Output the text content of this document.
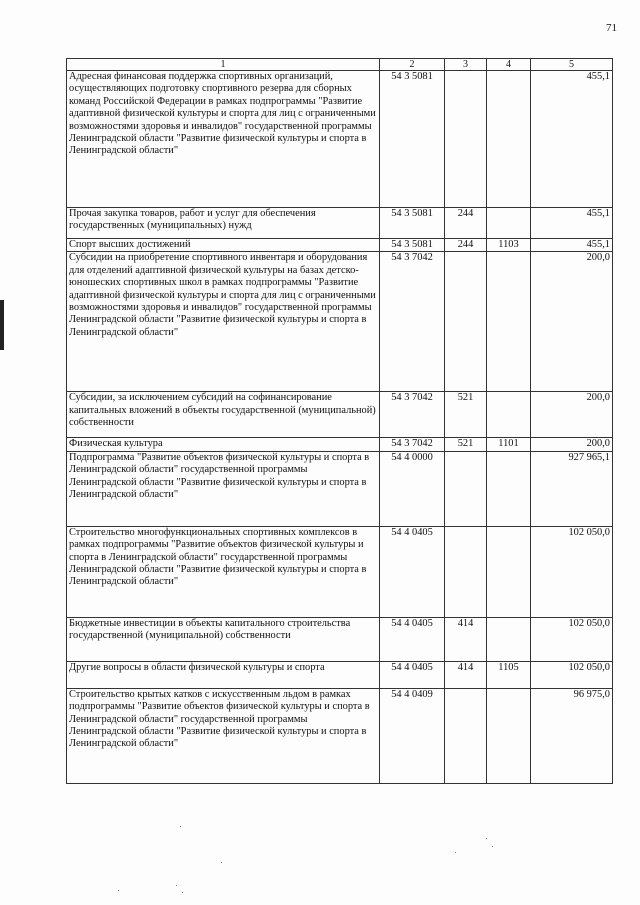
71
1	2	3	4	5
Адресная финансовая поддержка спортивных организаций, осуществляющих подготовку спортивного резерва для сборных команд Российской Федерации в рамках подпрограммы "Развитие адаптивной физической культуры и спорта для лиц с ограниченными возможностями здоровья и инвалидов" государственной программы Ленинградской области "Развитие физической культуры и спорта в Ленинградской области"	54 3 5081			455,1
Прочая закупка товаров, работ и услуг для обеспечения государственных (муниципальных) нужд	54 3 5081	244		455,1
Спорт высших достижений	54 3 5081	244	1103	455,1
Субсидии на приобретение спортивного инвентаря и оборудования для отделений адаптивной физической культуры на базах детско-юношеских спортивных школ в рамках подпрограммы "Развитие адаптивной физической культуры и спорта для лиц с ограниченными возможностями здоровья и инвалидов" государственной программы Ленинградской области "Развитие физической культуры и спорта в Ленинградской области"	54 3 7042			200,0
Субсидии, за исключением субсидий на софинансирование капитальных вложений в объекты государственной (муниципальной) собственности	54 3 7042	521		200,0
Физическая культура	54 3 7042	521	1101	200,0
Подпрограмма "Развитие объектов физической культуры и спорта в Ленинградской области" государственной программы Ленинградской области "Развитие физической культуры и спорта в Ленинградской области"	54 4 0000			927 965,1
Строительство многофункциональных спортивных комплексов в рамках подпрограммы "Развитие объектов физической культуры и спорта в Ленинградской области" государственной программы Ленинградской области "Развитие физической культуры и спорта в Ленинградской области"	54 4 0405			102 050,0
Бюджетные инвестиции в объекты капитального строительства государственной (муниципальной) собственности	54 4 0405	414		102 050,0
Другие вопросы в области физической культуры и спорта	54 4 0405	414	1105	102 050,0
Строительство крытых катков с искусственным льдом в рамках подпрограммы "Развитие объектов физической культуры и спорта в Ленинградской области" государственной программы Ленинградской области "Развитие физической культуры и спорта в Ленинградской области"	54 4 0409			96 975,0
